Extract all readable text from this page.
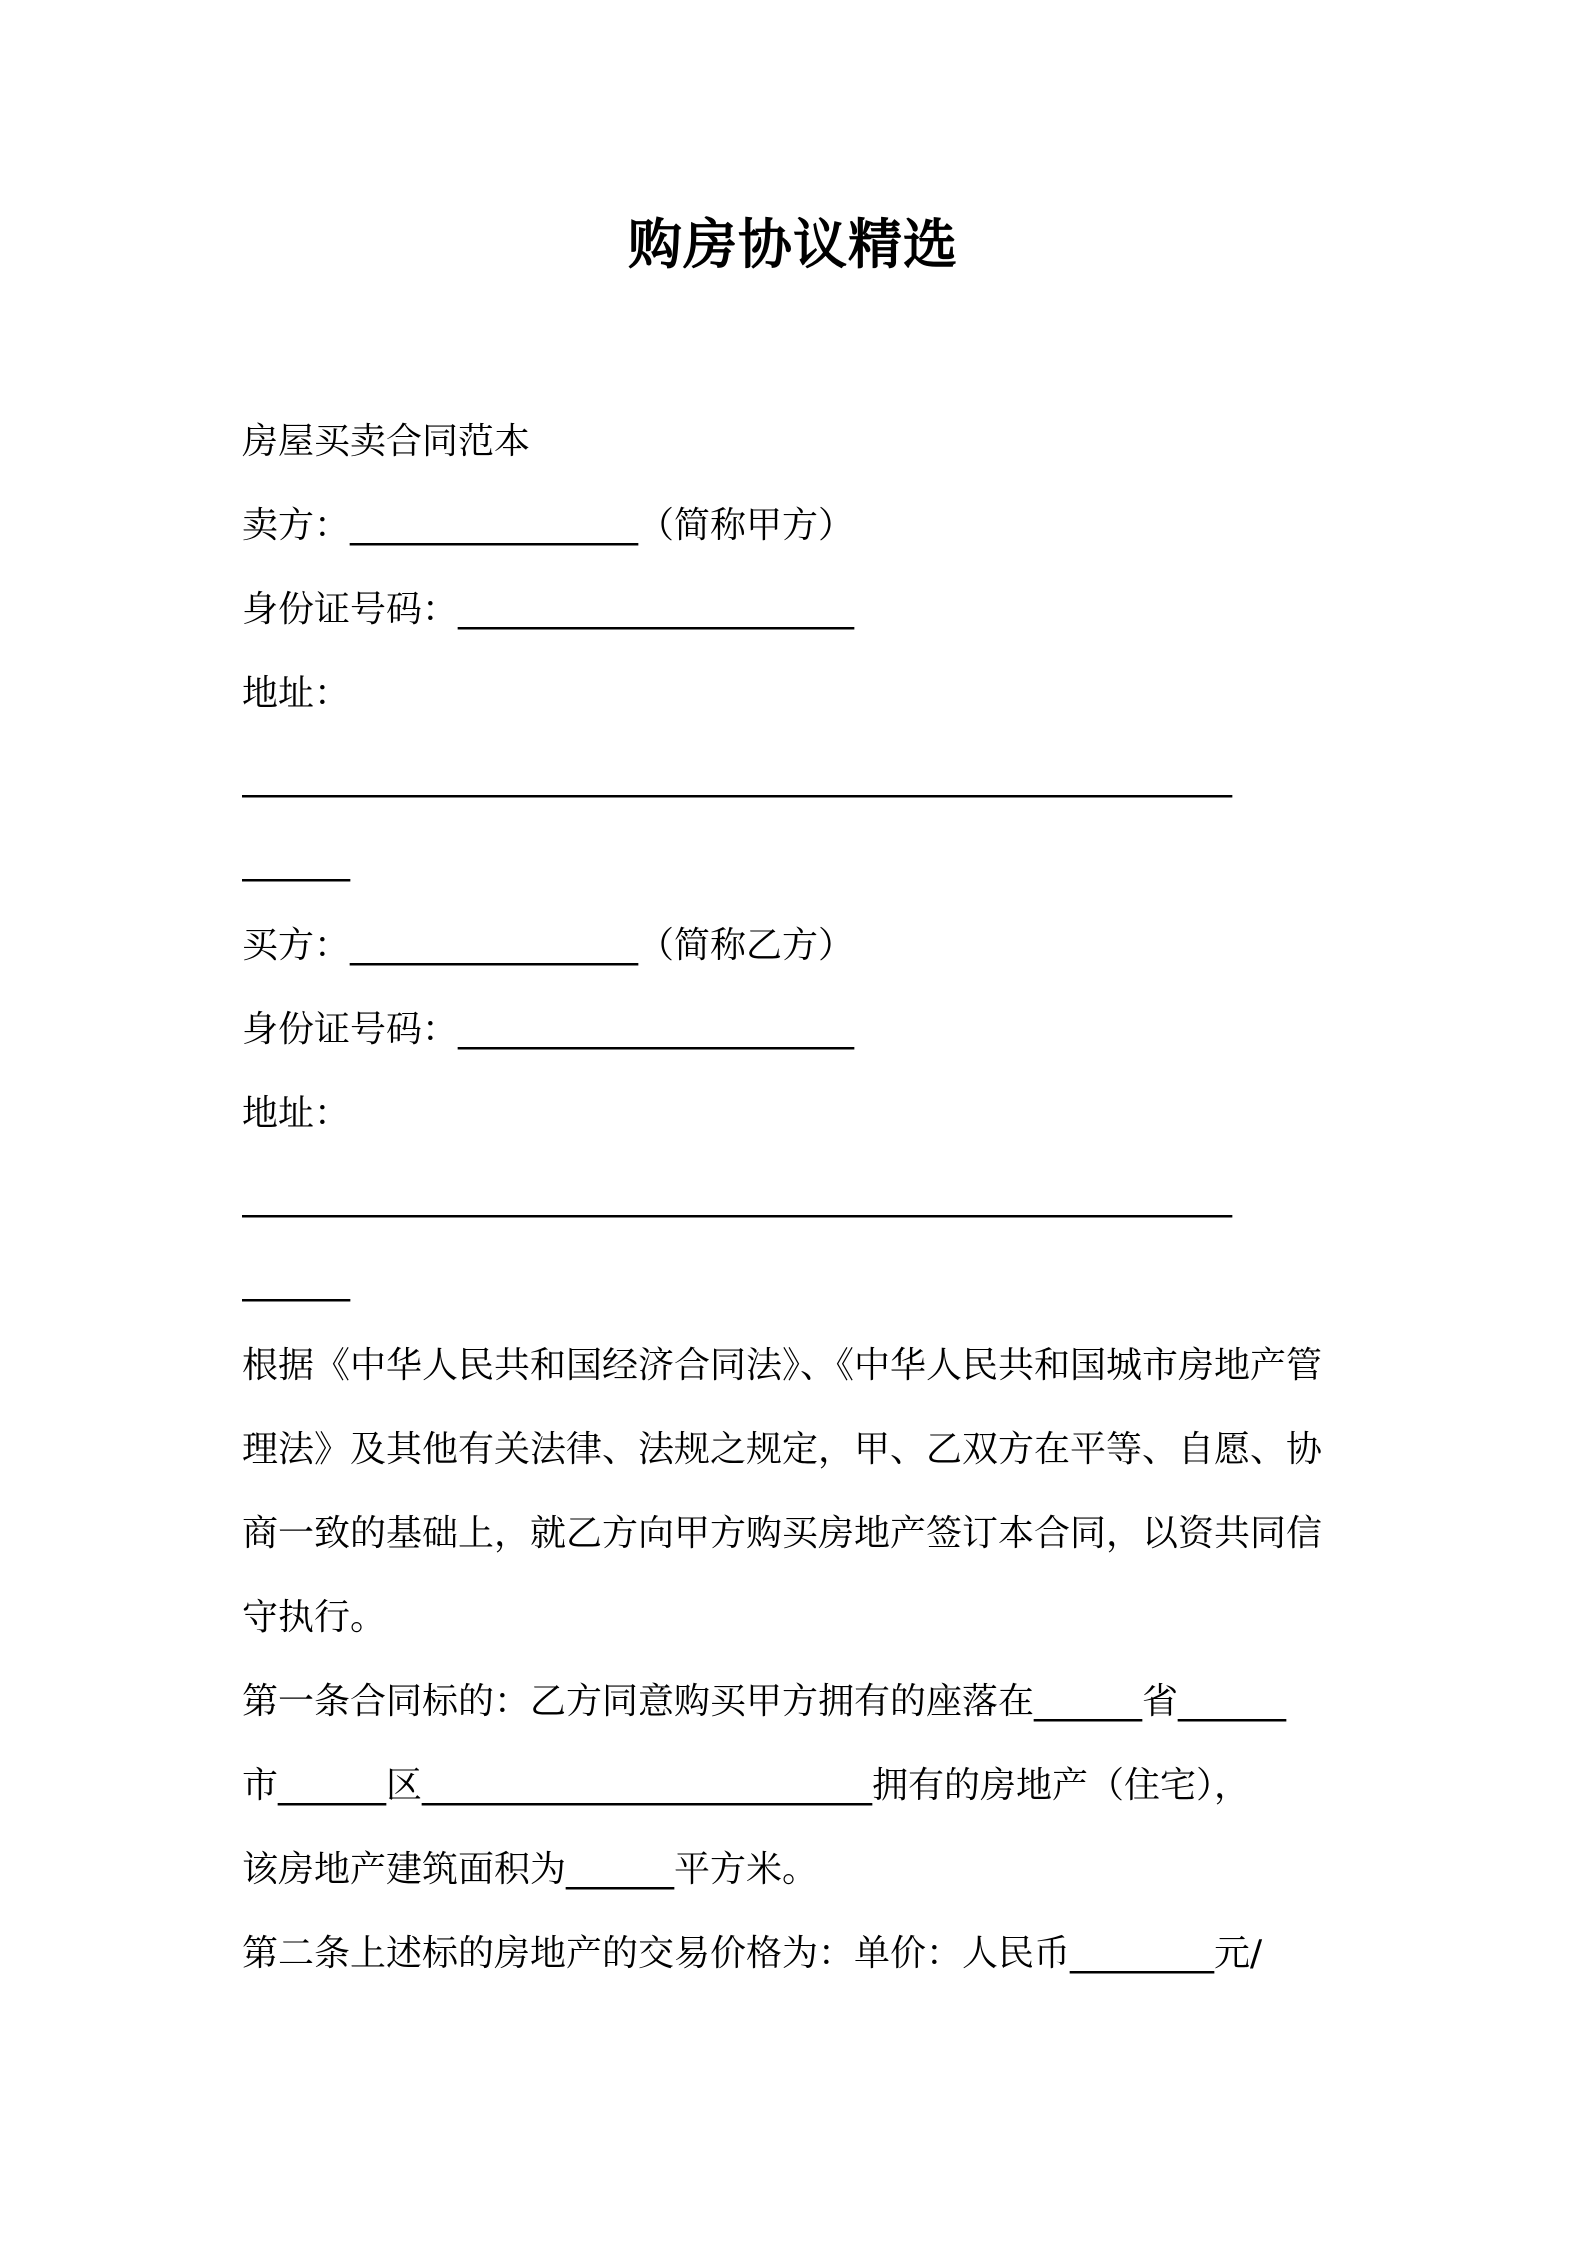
购房协议精选

房屋买卖合同范本

卖方：________________（简称甲方）

身份证号码：______________________

地址：

_______________________________________________________

______

买方：________________（简称乙方）

身份证号码：______________________

地址：

_______________________________________________________

______

根据《中华人民共和国经济合同法》、《中华人民共和国城市房地产管

理法》及其他有关法律、法规之规定，甲、乙双方在平等、自愿、协

商一致的基础上，就乙方向甲方购买房地产签订本合同，以资共同信

守执行。

第一条合同标的：乙方同意购买甲方拥有的座落在______省______

市______区_________________________拥有的房地产（住宅），

该房地产建筑面积为______平方米。

第二条上述标的房地产的交易价格为：单价：人民币________元/
